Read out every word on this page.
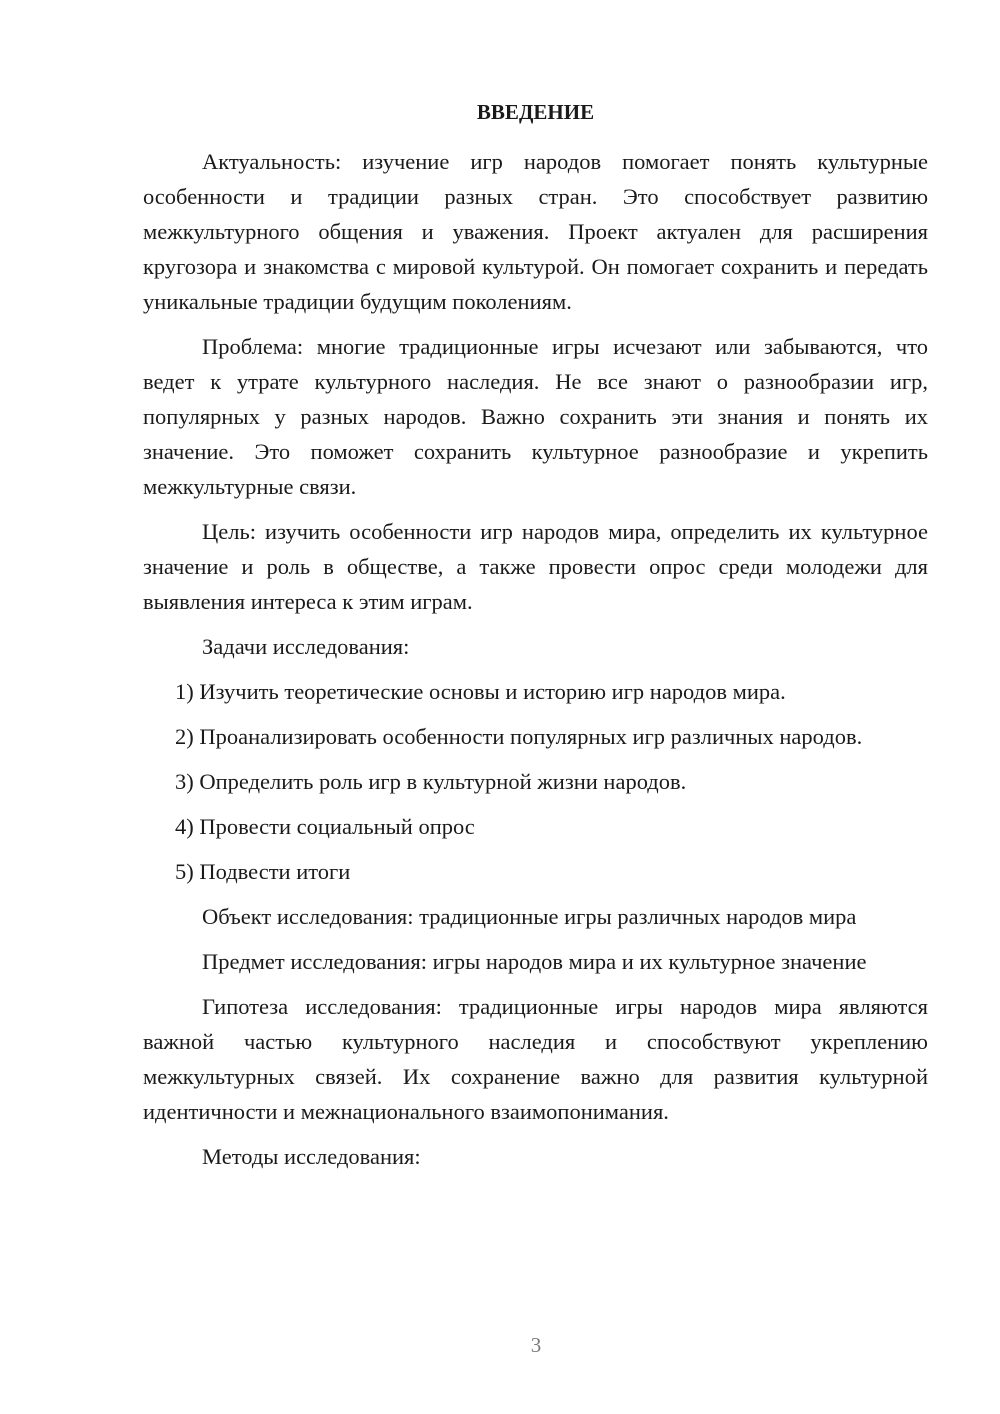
ВВЕДЕНИЕ

Актуальность: изучение игр народов помогает понять культурные особенности и традиции разных стран. Это способствует развитию межкультурного общения и уважения. Проект актуален для расширения кругозора и знакомства с мировой культурой. Он помогает сохранить и передать уникальные традиции будущим поколениям.

Проблема: многие традиционные игры исчезают или забываются, что ведет к утрате культурного наследия. Не все знают о разнообразии игр, популярных у разных народов. Важно сохранить эти знания и понять их значение. Это поможет сохранить культурное разнообразие и укрепить межкультурные связи.

Цель: изучить особенности игр народов мира, определить их культурное значение и роль в обществе, а также провести опрос среди молодежи для выявления интереса к этим играм.

Задачи исследования:

1) Изучить теоретические основы и историю игр народов мира.

2) Проанализировать особенности популярных игр различных народов.

3) Определить роль игр в культурной жизни народов.

4) Провести социальный опрос

5) Подвести итоги

Объект исследования: традиционные игры различных народов мира

Предмет исследования: игры народов мира и их культурное значение

Гипотеза исследования: традиционные игры народов мира являются важной частью культурного наследия и способствуют укреплению межкультурных связей. Их сохранение важно для развития культурной идентичности и межнационального взаимопонимания.

Методы исследования:

3
